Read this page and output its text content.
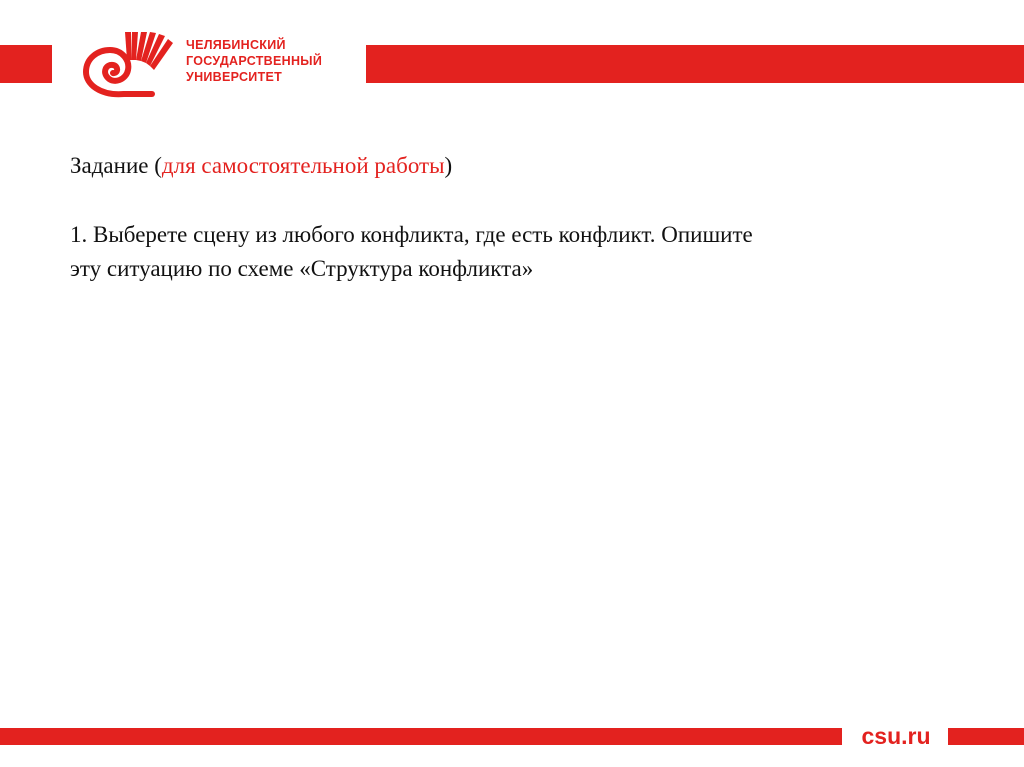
ЧЕЛЯБИНСКИЙ
ГОСУДАРСТВЕННЫЙ
УНИВЕРСИТЕТ
Задание (для самостоятельной работы)
1. Выберете сцену из любого конфликта, где есть конфликт. Опишите
эту ситуацию по схеме «Структура конфликта»
csu.ru
